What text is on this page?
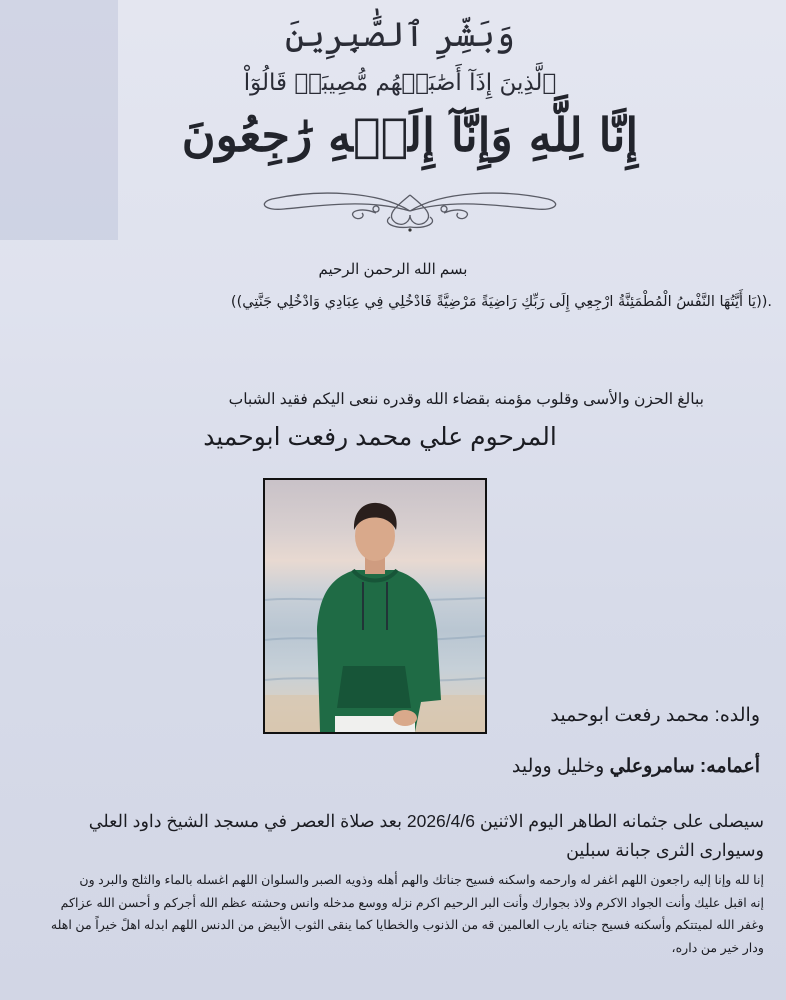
وَبَشِّرِ ٱلصَّٰبِرِينَ
ٱلَّذِينَ إِذَآ أَصَٰبَتۡهُم مُّصِيبَةٞ قَالُوٓاْ
إِنَّا لِلَّهِ وَإِنَّآ إِلَيۡهِ رَٰجِعُونَ
بسم الله الرحمن الرحيم
.((يَا أَيَّتُهَا النَّفْسُ الْمُطْمَئِنَّةُ ارْجِعِي إِلَى رَبِّكِ رَاضِيَةً مَرْضِيَّةً فَادْخُلِي فِي عِبَادِي وَادْخُلِي جَنَّتِي))
ببالغ الحزن والأسى وقلوب مؤمنه بقضاء الله وقدره ننعى اليكم فقيد الشباب
المرحوم علي محمد رفعت ابوحميد
والده: محمد رفعت ابوحميد
أعمامه: سامروعلي وخليل ووليد
سيصلى على جثمانه الطاهر اليوم الاثنين 2026/4/6 بعد صلاة العصر في مسجد الشيخ داود العلي
وسيوارى الثرى جبانة سبلين
إنا لله وإنا إليه راجعون اللهم اغفر له وارحمه واسكنه فسيح جناتك والهم أهله وذويه الصبر والسلوان اللهم اغسله بالماء والثلج والبرد ون
إنه اقبل عليك وأنت الجواد الاكرم ولاذ بجوارك وأنت البر الرحيم اكرم نزله ووسع مدخله وانس وحشته عظم الله أجركم و أحسن الله عزاكم
وغفر الله لميتتكم وأسكنه فسيح جناته يارب العالمين قه من الذنوب والخطايا كما ينقى الثوب الأبيض من الدنس اللهم ابدله اهلً خيراً من اهله
ودار خير من داره،
